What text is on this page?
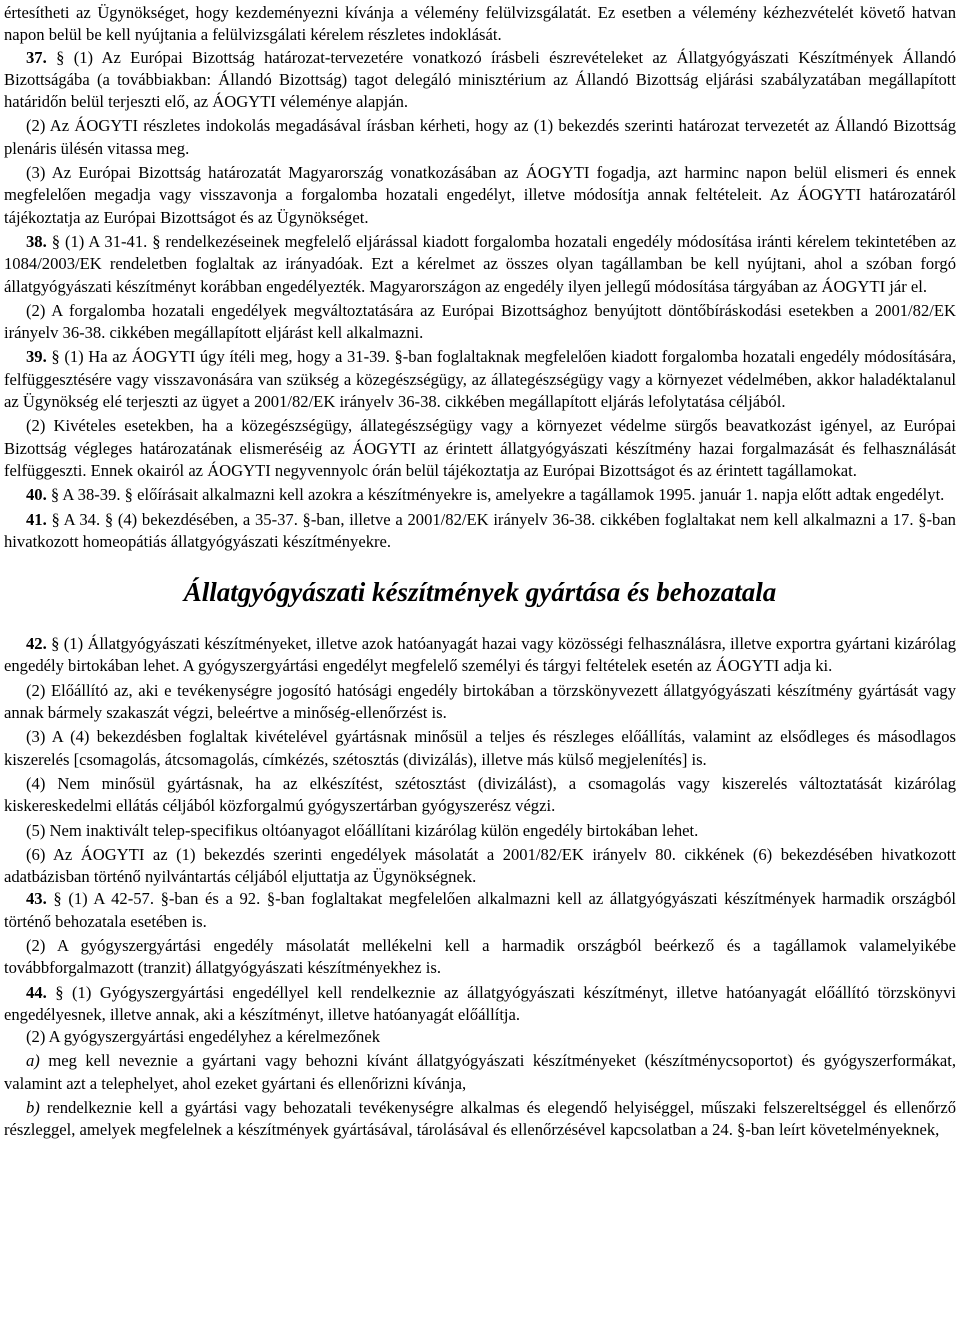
értesítheti az Ügynökséget, hogy kezdeményezni kívánja a vélemény felülvizsgálatát. Ez esetben a vélemény kézhezvételét követő hatvan napon belül be kell nyújtania a felülvizsgálati kérelem részletes indoklását.

37. § (1) Az Európai Bizottság határozat-tervezetére vonatkozó írásbeli észrevételeket az Állatgyógyászati Készítmények Állandó Bizottságába (a továbbiakban: Állandó Bizottság) tagot delegáló minisztérium az Állandó Bizottság eljárási szabályzatában megállapított határidőn belül terjeszti elő, az ÁOGYTI véleménye alapján.

(2) Az ÁOGYTI részletes indokolás megadásával írásban kérheti, hogy az (1) bekezdés szerinti határozat tervezetét az Állandó Bizottság plenáris ülésén vitassa meg.

(3) Az Európai Bizottság határozatát Magyarország vonatkozásában az ÁOGYTI fogadja, azt harminc napon belül elismeri és ennek megfelelően megadja vagy visszavonja a forgalomba hozatali engedélyt, illetve módosítja annak feltételeit. Az ÁOGYTI határozatáról tájékoztatja az Európai Bizottságot és az Ügynökséget.

38. § (1) A 31-41. § rendelkezéseinek megfelelő eljárással kiadott forgalomba hozatali engedély módosítása iránti kérelem tekintetében az 1084/2003/EK rendeletben foglaltak az irányadóak. Ezt a kérelmet az összes olyan tagállamban be kell nyújtani, ahol a szóban forgó állatgyógyászati készítményt korábban engedélyezték. Magyarországon az engedély ilyen jellegű módosítása tárgyában az ÁOGYTI jár el.

(2) A forgalomba hozatali engedélyek megváltoztatására az Európai Bizottsághoz benyújtott döntőbíráskodási esetekben a 2001/82/EK irányelv 36-38. cikkében megállapított eljárást kell alkalmazni.

39. § (1) Ha az ÁOGYTI úgy ítéli meg, hogy a 31-39. §-ban foglaltaknak megfelelően kiadott forgalomba hozatali engedély módosítására, felfüggesztésére vagy visszavonására van szükség a közegészségügy, az állategészségügy vagy a környezet védelmében, akkor haladéktalanul az Ügynökség elé terjeszti az ügyet a 2001/82/EK irányelv 36-38. cikkében megállapított eljárás lefolytatása céljából.

(2) Kivételes esetekben, ha a közegészségügy, állategészségügy vagy a környezet védelme sürgős beavatkozást igényel, az Európai Bizottság végleges határozatának elismeréséig az ÁOGYTI az érintett állatgyógyászati készítmény hazai forgalmazását és felhasználását felfüggeszti. Ennek okairól az ÁOGYTI negyvennyolc órán belül tájékoztatja az Európai Bizottságot és az érintett tagállamokat.

40. § A 38-39. § előírásait alkalmazni kell azokra a készítményekre is, amelyekre a tagállamok 1995. január 1. napja előtt adtak engedélyt.

41. § A 34. § (4) bekezdésében, a 35-37. §-ban, illetve a 2001/82/EK irányelv 36-38. cikkében foglaltakat nem kell alkalmazni a 17. §-ban hivatkozott homeopátiás állatgyógyászati készítményekre.

Állatgyógyászati készítmények gyártása és behozatala

42. § (1) Állatgyógyászati készítményeket, illetve azok hatóanyagát hazai vagy közösségi felhasználásra, illetve exportra gyártani kizárólag engedély birtokában lehet. A gyógyszergyártási engedélyt megfelelő személyi és tárgyi feltételek esetén az ÁOGYTI adja ki.

(2) Előállító az, aki e tevékenységre jogosító hatósági engedély birtokában a törzskönyvezett állatgyógyászati készítmény gyártását vagy annak bármely szakaszát végzi, beleértve a minőség-ellenőrzést is.

(3) A (4) bekezdésben foglaltak kivételével gyártásnak minősül a teljes és részleges előállítás, valamint az elsődleges és másodlagos kiszerelés [csomagolás, átcsomagolás, címkézés, szétosztás (divizálás), illetve más külső megjelenítés] is.

(4) Nem minősül gyártásnak, ha az elkészítést, szétosztást (divizálást), a csomagolás vagy kiszerelés változtatását kizárólag kiskereskedelmi ellátás céljából közforgalmú gyógyszertárban gyógyszerész végzi.

(5) Nem inaktivált telep-specifikus oltóanyagot előállítani kizárólag külön engedély birtokában lehet.

(6) Az ÁOGYTI az (1) bekezdés szerinti engedélyek másolatát a 2001/82/EK irányelv 80. cikkének (6) bekezdésében hivatkozott adatbázisban történő nyilvántartás céljából eljuttatja az Ügynökségnek.

43. § (1) A 42-57. §-ban és a 92. §-ban foglaltakat megfelelően alkalmazni kell az állatgyógyászati készítmények harmadik országból történő behozatala esetében is.

(2) A gyógyszergyártási engedély másolatát mellékelni kell a harmadik országból beérkező és a tagállamok valamelyikébe továbbforgalmazott (tranzit) állatgyógyászati készítményekhez is.

44. § (1) Gyógyszergyártási engedéllyel kell rendelkeznie az állatgyógyászati készítményt, illetve hatóanyagát előállító törzskönyvi engedélyesnek, illetve annak, aki a készítményt, illetve hatóanyagát előállítja.

(2) A gyógyszergyártási engedélyhez a kérelmezőnek

a) meg kell neveznie a gyártani vagy behozni kívánt állatgyógyászati készítményeket (készítménycsoportot) és gyógyszerformákat, valamint azt a telephelyet, ahol ezeket gyártani és ellenőrizni kívánja,

b) rendelkeznie kell a gyártási vagy behozatali tevékenységre alkalmas és elegendő helyiséggel, műszaki felszereltséggel és ellenőrző részleggel, amelyek megfelelnek a készítmények gyártásával, tárolásával és ellenőrzésével kapcsolatban a 24. §-ban leírt követelményeknek,
